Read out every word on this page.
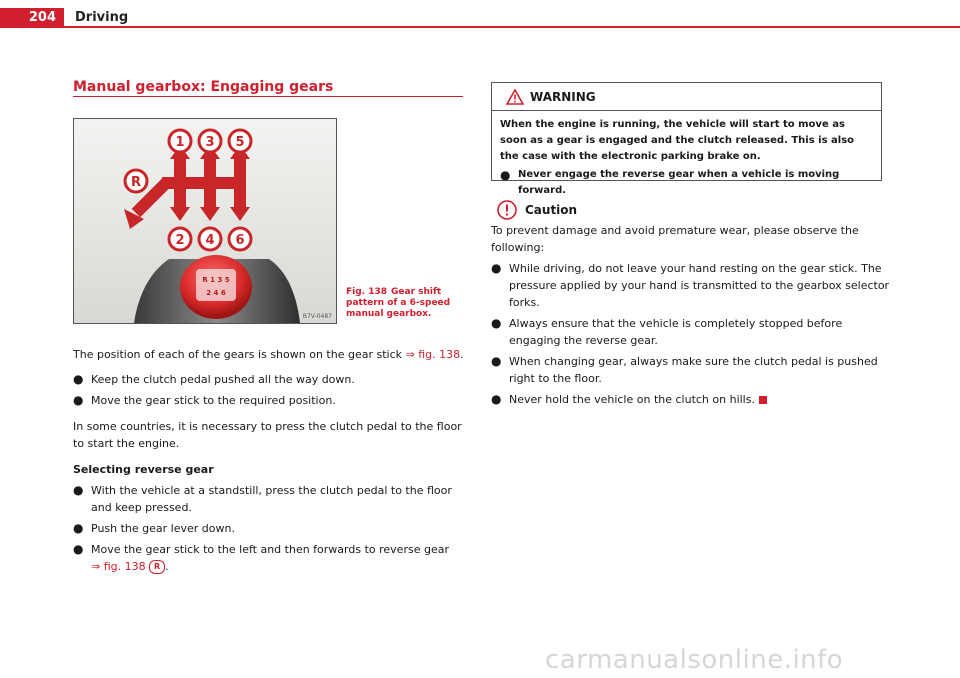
204	Driving
Manual gearbox: Engaging gears
1 3 5
2 4 6
R
R 1 3 5
2 4 6
B7V-0487
Fig. 138 Gear shift pattern of a 6-speed manual gearbox.

The position of each of the gears is shown on the gear stick ⇒ fig. 138.

● Keep the clutch pedal pushed all the way down.
● Move the gear stick to the required position.

In some countries, it is necessary to press the clutch pedal to the floor to start the engine.

Selecting reverse gear

● With the vehicle at a standstill, press the clutch pedal to the floor and keep pressed.
● Push the gear lever down.
● Move the gear stick to the left and then forwards to reverse gear
⇒ fig. 138 R .
WARNING

When the engine is running, the vehicle will start to move as soon as a gear is engaged and the clutch released. This is also the case with the electronic parking brake on.

● Never engage the reverse gear when a vehicle is moving forward.
Caution

To prevent damage and avoid premature wear, please observe the following:

● While driving, do not leave your hand resting on the gear stick. The pressure applied by your hand is transmitted to the gearbox selector forks.
● Always ensure that the vehicle is completely stopped before engaging the reverse gear.
● When changing gear, always make sure the clutch pedal is pushed right to the floor.
● Never hold the vehicle on the clutch on hills.
carmanualsonline.info
